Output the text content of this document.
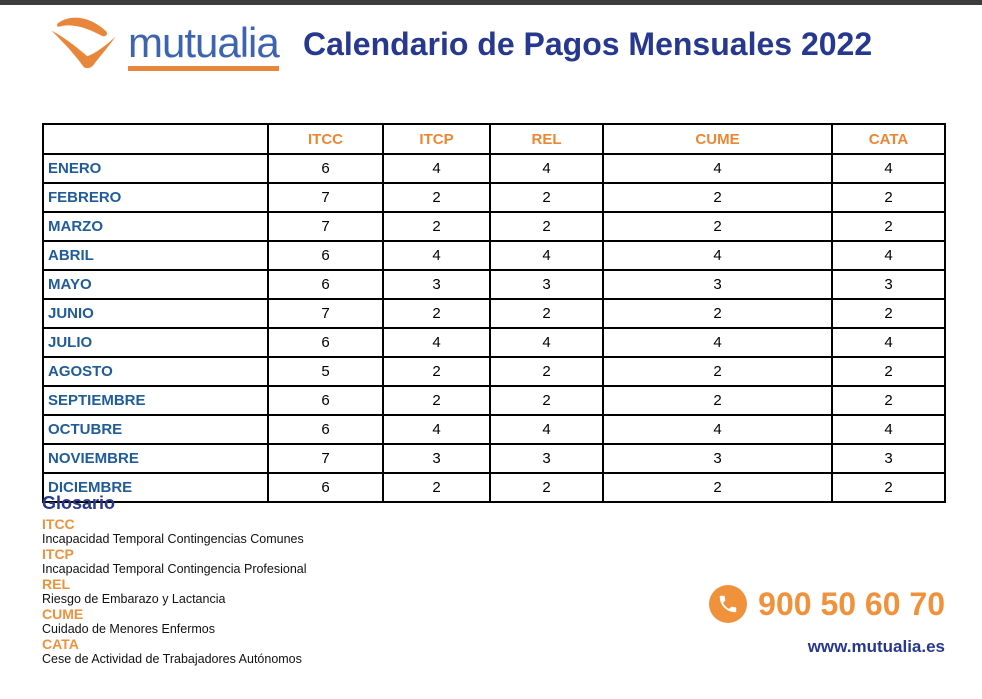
mutualia Calendario de Pagos Mensuales 2022
	ITCC	ITCP	REL	CUME	CATA
ENERO	6	4	4	4	4
FEBRERO	7	2	2	2	2
MARZO	7	2	2	2	2
ABRIL	6	4	4	4	4
MAYO	6	3	3	3	3
JUNIO	7	2	2	2	2
JULIO	6	4	4	4	4
AGOSTO	5	2	2	2	2
SEPTIEMBRE	6	2	2	2	2
OCTUBRE	6	4	4	4	4
NOVIEMBRE	7	3	3	3	3
DICIEMBRE	6	2	2	2	2
Glosario
ITCC

Incapacidad Temporal Contingencias Comunes

ITCP

Incapacidad Temporal Contingencia Profesional

REL

Riesgo de Embarazo y Lactancia

CUME

Cuidado de Menores Enfermos

CATA

Cese de Actividad de Trabajadores Autónomos

900 50 60 70
www.mutualia.es
